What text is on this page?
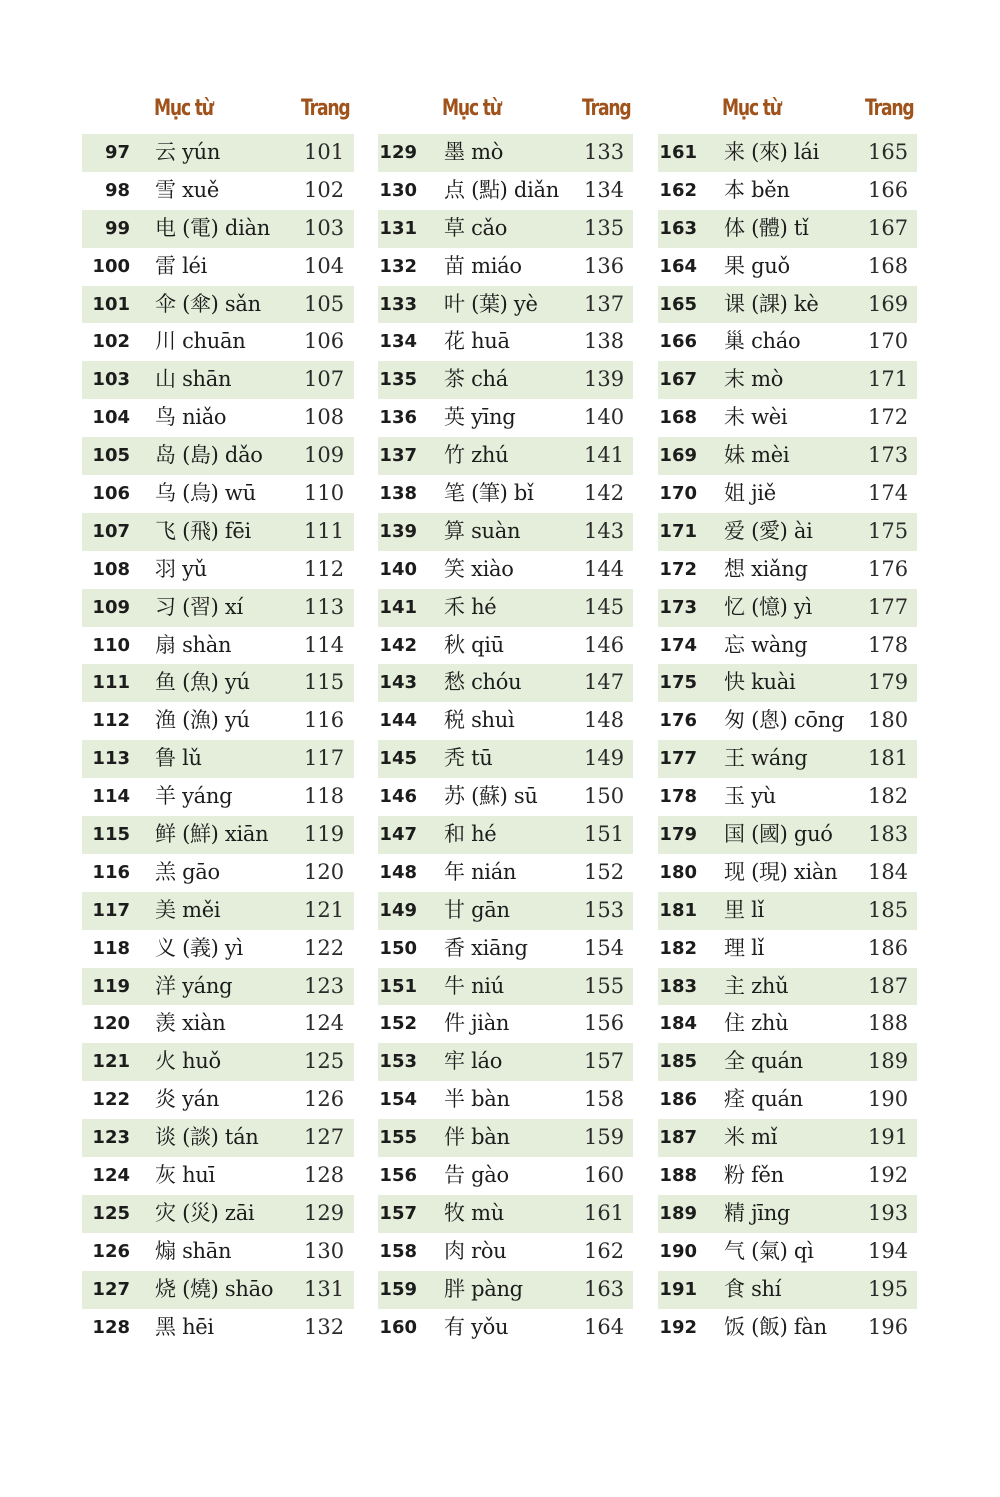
Mục từ	Trang
97 云 yún	101
98 雪 xuě	102
99 电 (電) diàn 103
100 雷 léi	104
101 伞 (傘) sǎn 105
102 川 chuān	106
103 山 shān	107
104 鸟 niǎo	108
105 岛 (島) dǎo 109
106 乌 (烏) wū 110
107 飞 (飛) fēi	111
108 羽 yǔ	112
109 习 (習) xí	113
110 扇 shàn	114
111 鱼 (魚) yú	115
112 渔 (漁) yú	116
113 鲁 lǔ	117
114 羊 yáng	118
115 鲜 (鮮) xiān 119
116 羔 gāo	120
117 美 měi	121
118 义 (義) yì	122
119 洋 yáng	123
120 羡 xiàn	124
121 火 huǒ	125
122 炎 yán	126
123 谈 (談) tán 127
124 灰 huī	128
125 灾 (災) zāi 129
126 煽 shān	130
127 烧 (燒) shāo 131
128 黑 hēi	132
Mục từ	Trang
129 墨 mò	133
130 点 (點) diǎn 134
131 草 cǎo	135
132 苗 miáo	136
133 叶 (葉) yè 137
134 花 huā	138
135 茶 chá	139
136 英 yīng	140
137 竹 zhú	141
138 笔 (筆) bǐ 142
139 算 suàn	143
140 笑 xiào	144
141 禾 hé	145
142 秋 qiū	146
143 愁 chóu	147
144 税 shuì	148
145 秃 tū	149
146 苏 (蘇) sū 150
147 和 hé	151
148 年 nián	152
149 甘 gān	153
150 香 xiāng	154
151 牛 niú	155
152 件 jiàn	156
153 牢 láo	157
154 半 bàn	158
155 伴 bàn	159
156 告 gào	160
157 牧 mù	161
158 肉 ròu	162
159 胖 pàng	163
160 有 yǒu	164
Mục từ	Trang
161 来 (來) lái 165
162 本 běn	166
163 体 (體) tǐ	167
164 果 guǒ	168
165 课 (課) kè 169
166 巢 cháo	170
167 末 mò	171
168 未 wèi	172
169 妹 mèi	173
170 姐 jiě	174
171 爱 (愛) ài	175
172 想 xiǎng	176
173 忆 (憶) yì	177
174 忘 wàng	178
175 快 kuài	179
176 匆 (悤) cōng 180
177 王 wáng	181
178 玉 yù	182
179 国 (國) guó 183
180 现 (現) xiàn 184
181 里 lǐ	185
182 理 lǐ	186
183 主 zhǔ	187
184 住 zhù	188
185 全 quán	189
186 痊 quán	190
187 米 mǐ	191
188 粉 fěn	192
189 精 jīng	193
190 气 (氣) qì	194
191 食 shí	195
192 饭 (飯) fàn 196
